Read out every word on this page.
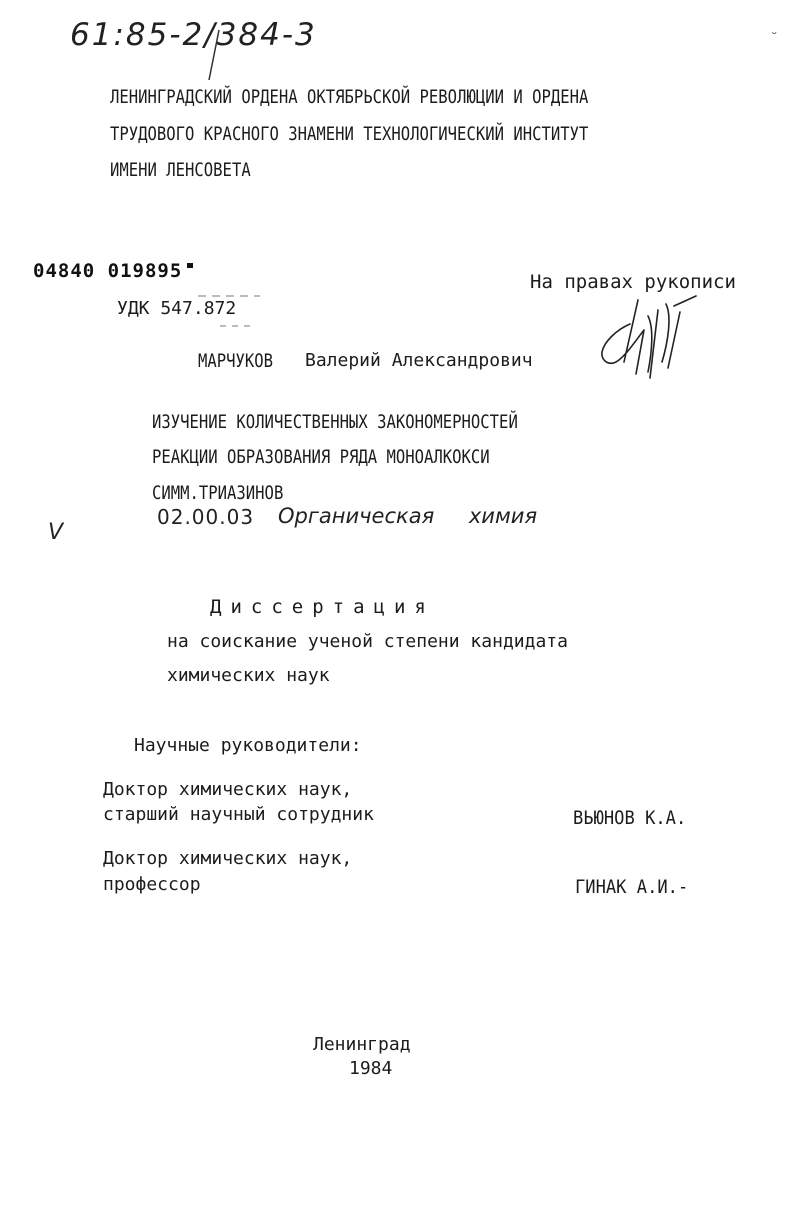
61:85-2/384-3	˘
ЛЕНИНГРАДСКИЙ ОРДЕНА ОКТЯБРЬСКОЙ РЕВОЛЮЦИИ И ОРДЕНА
ТРУДОВОГО КРАСНОГО ЗНАМЕНИ ТЕХНОЛОГИЧЕСКИЙ ИНСТИТУТ
ИМЕНИ ЛЕНСОВЕТА
04840 019895	На правах рукописи
УДК 547.872
МАРЧУКОВ	Валерий Александрович
ИЗУЧЕНИЕ КОЛИЧЕСТВЕННЫХ ЗАКОНОМЕРНОСТЕЙ
РЕАКЦИИ ОБРАЗОВАНИЯ РЯДА МОНОАЛКОКСИ
СИММ.ТРИАЗИНОВ
02.00.03 Органическая химия
V
Диссертация
на соискание ученой степени кандидата
химических наук
Научные руководители:
Доктор химических наук,
старший научный сотрудник	ВЬЮНОВ К.А.
Доктор химических наук,
профессор	ГИНАК А.И.-
Ленинград
1984
